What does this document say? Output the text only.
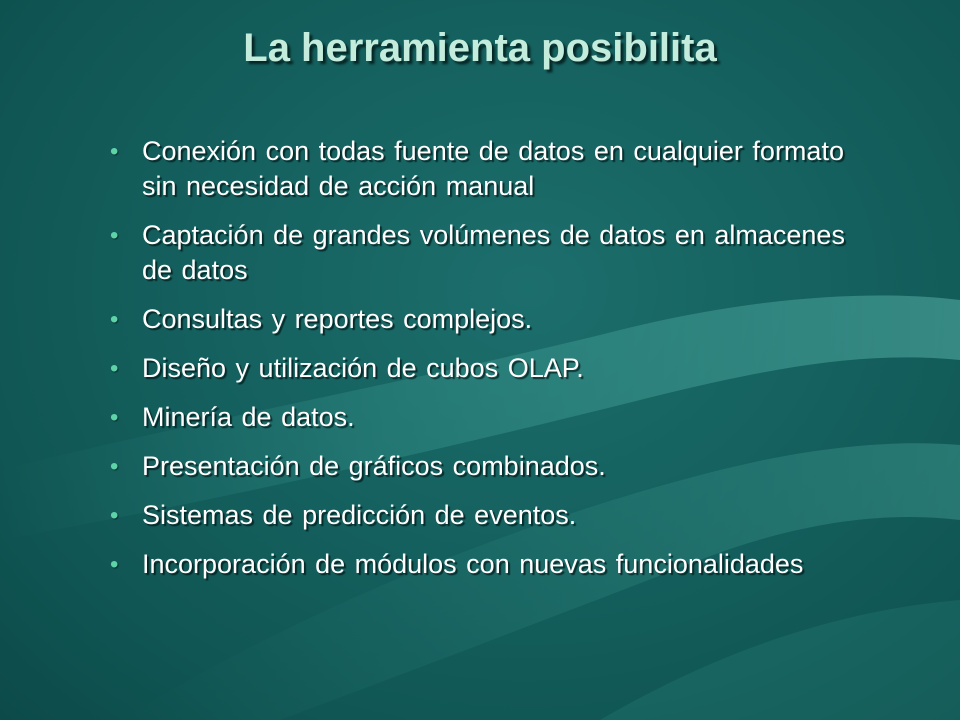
La herramienta posibilita
• Conexión con todas fuente de datos en cualquier formato sin necesidad de acción manual
• Captación de grandes volúmenes de datos en almacenes de datos
• Consultas y reportes complejos.
• Diseño y utilización de cubos OLAP.
• Minería de datos.
• Presentación de gráficos combinados.
• Sistemas de predicción de eventos.
• Incorporación de módulos con nuevas funcionalidades
